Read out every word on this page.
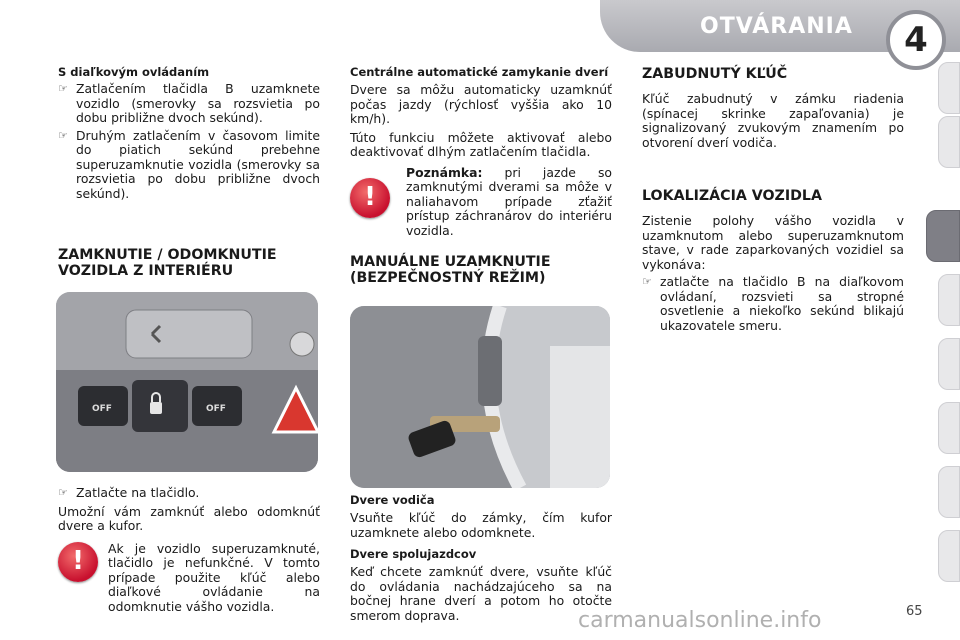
OTVÁRANIA	4
S diaľkovým ovládaním
☞ Zatlačením tlačidla B uzamknete vozidlo (smerovky sa rozsvietia po dobu približne dvoch sekúnd).
☞ Druhým zatlačením v časovom limite do piatich sekúnd prebehne superuzamknutie vozidla (smerovky sa rozsvietia po dobu približne dvoch sekúnd).
ZAMKNUTIE / ODOMKNUTIE VOZIDLA Z INTERIÉRU
OFF	OFF
☞ Zatlačte na tlačidlo.

Umožní vám zamknúť alebo odomknúť dvere a kufor.

!	Ak je vozidlo superuzamknuté, tlačidlo je nefunkčné. V tomto prípade použite kľúč alebo diaľkové ovládanie na odomknutie vášho vozidla.

Centrálne automatické zamykanie dverí

Dvere sa môžu automaticky uzamknúť počas jazdy (rýchlosť vyššia ako 10 km/h).

Túto funkciu môžete aktivovať alebo deaktivovať dlhým zatlačením tlačidla.

!

Poznámka: pri jazde so zamknutými dverami sa môže v naliahavom prípade zťažiť prístup záchranárov do interiéru vozidla.

MANUÁLNE UZAMKNUTIE (BEZPEČNOSTNÝ REŽIM)
Dvere vodiča

Vsuňte kľúč do zámky, čím kufor uzamknete alebo odomknete.

Dvere spolujazdcov

Keď chcete zamknúť dvere, vsuňte kľúč do ovládania nachádzajúceho sa na bočnej hrane dverí a potom ho otočte smerom doprava.

ZABUDNUTÝ KĽÚČ

Kľúč zabudnutý v zámku riadenia (spínacej skrinke zapaľovania) je signalizovaný zvukovým znamením po otvorení dverí vodiča.

LOKALIZÁCIA VOZIDLA

Zistenie polohy vášho vozidla v uzamknutom alebo superuzamknutom stave, v rade zaparkovaných vozidiel sa vykonáva:

☞ zatlačte na tlačidlo B na diaľkovom ovládaní, rozsvieti sa stropné osvetlenie a niekoľko sekúnd blikajú ukazovatele smeru.
carmanualsonline.info	65
